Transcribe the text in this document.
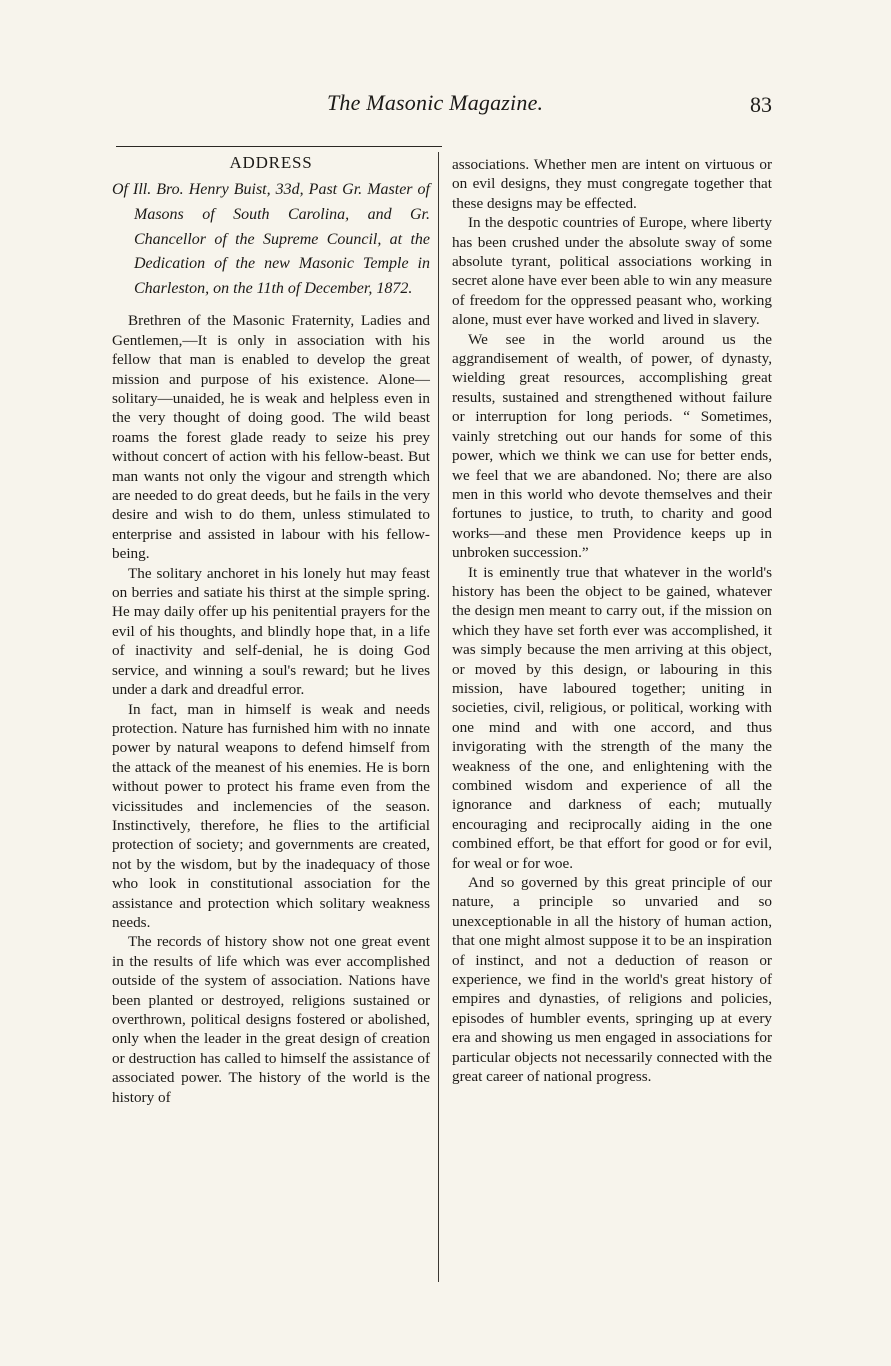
The Masonic Magazine.	83
ADDRESS
Of Ill. Bro. Henry Buist, 33d, Past Gr. Master of Masons of South Carolina, and Gr. Chancellor of the Supreme Council, at the Dedication of the new Masonic Temple in Charleston, on the 11th of December, 1872.

Brethren of the Masonic Fraternity, Ladies and Gentlemen,—It is only in association with his fellow that man is enabled to develop the great mission and purpose of his existence. Alone—solitary—unaided, he is weak and helpless even in the very thought of doing good. The wild beast roams the forest glade ready to seize his prey without concert of action with his fellow-beast. But man wants not only the vigour and strength which are needed to do great deeds, but he fails in the very desire and wish to do them, unless stimulated to enterprise and assisted in labour with his fellow-being.

The solitary anchoret in his lonely hut may feast on berries and satiate his thirst at the simple spring. He may daily offer up his penitential prayers for the evil of his thoughts, and blindly hope that, in a life of inactivity and self-denial, he is doing God service, and winning a soul's reward; but he lives under a dark and dreadful error.

In fact, man in himself is weak and needs protection. Nature has furnished him with no innate power by natural weapons to defend himself from the attack of the meanest of his enemies. He is born without power to protect his frame even from the vicissitudes and inclemencies of the season. Instinctively, therefore, he flies to the artificial protection of society; and governments are created, not by the wisdom, but by the inadequacy of those who look in constitutional association for the assistance and protection which solitary weakness needs.

The records of history show not one great event in the results of life which was ever accomplished outside of the system of association. Nations have been planted or destroyed, religions sustained or overthrown, political designs fostered or abolished, only when the leader in the great design of creation or destruction has called to himself the assistance of associated power. The history of the world is the history of

associations. Whether men are intent on virtuous or on evil designs, they must congregate together that these designs may be effected.

In the despotic countries of Europe, where liberty has been crushed under the absolute sway of some absolute tyrant, political associations working in secret alone have ever been able to win any measure of freedom for the oppressed peasant who, working alone, must ever have worked and lived in slavery.

We see in the world around us the aggrandisement of wealth, of power, of dynasty, wielding great resources, accomplishing great results, sustained and strengthened without failure or interruption for long periods. “ Sometimes, vainly stretching out our hands for some of this power, which we think we can use for better ends, we feel that we are abandoned. No; there are also men in this world who devote themselves and their fortunes to justice, to truth, to charity and good works—and these men Providence keeps up in unbroken succession.”

It is eminently true that whatever in the world's history has been the object to be gained, whatever the design men meant to carry out, if the mission on which they have set forth ever was accomplished, it was simply because the men arriving at this object, or moved by this design, or labouring in this mission, have laboured together; uniting in societies, civil, religious, or political, working with one mind and with one accord, and thus invigorating with the strength of the many the weakness of the one, and enlightening with the combined wisdom and experience of all the ignorance and darkness of each; mutually encouraging and reciprocally aiding in the one combined effort, be that effort for good or for evil, for weal or for woe.

And so governed by this great principle of our nature, a principle so unvaried and so unexceptionable in all the history of human action, that one might almost suppose it to be an inspiration of instinct, and not a deduction of reason or experience, we find in the world's great history of empires and dynasties, of religions and policies, episodes of humbler events, springing up at every era and showing us men engaged in associations for particular objects not necessarily connected with the great career of national progress.
